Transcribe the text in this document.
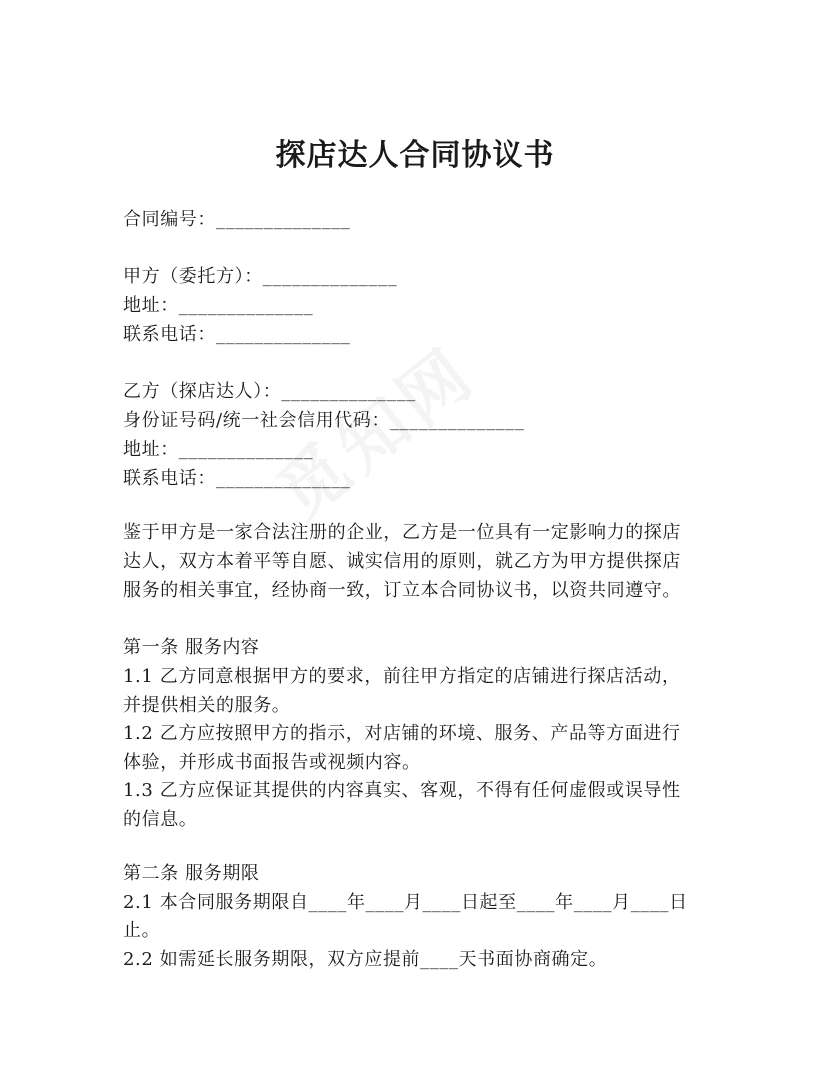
探店达人合同协议书
合同编号：______________
甲方（委托方）：______________
地址：______________
联系电话：______________
乙方（探店达人）：______________
身份证号码/统一社会信用代码：______________
地址：______________
联系电话：______________
鉴于甲方是一家合法注册的企业，乙方是一位具有一定影响力的探店
达人，双方本着平等自愿、诚实信用的原则，就乙方为甲方提供探店
服务的相关事宜，经协商一致，订立本合同协议书，以资共同遵守。
第一条 服务内容
1.1 乙方同意根据甲方的要求，前往甲方指定的店铺进行探店活动，
并提供相关的服务。
1.2 乙方应按照甲方的指示，对店铺的环境、服务、产品等方面进行
体验，并形成书面报告或视频内容。
1.3 乙方应保证其提供的内容真实、客观，不得有任何虚假或误导性
的信息。
第二条 服务期限
2.1 本合同服务期限自____年____月____日起至____年____月____日
止。
2.2 如需延长服务期限，双方应提前____天书面协商确定。
